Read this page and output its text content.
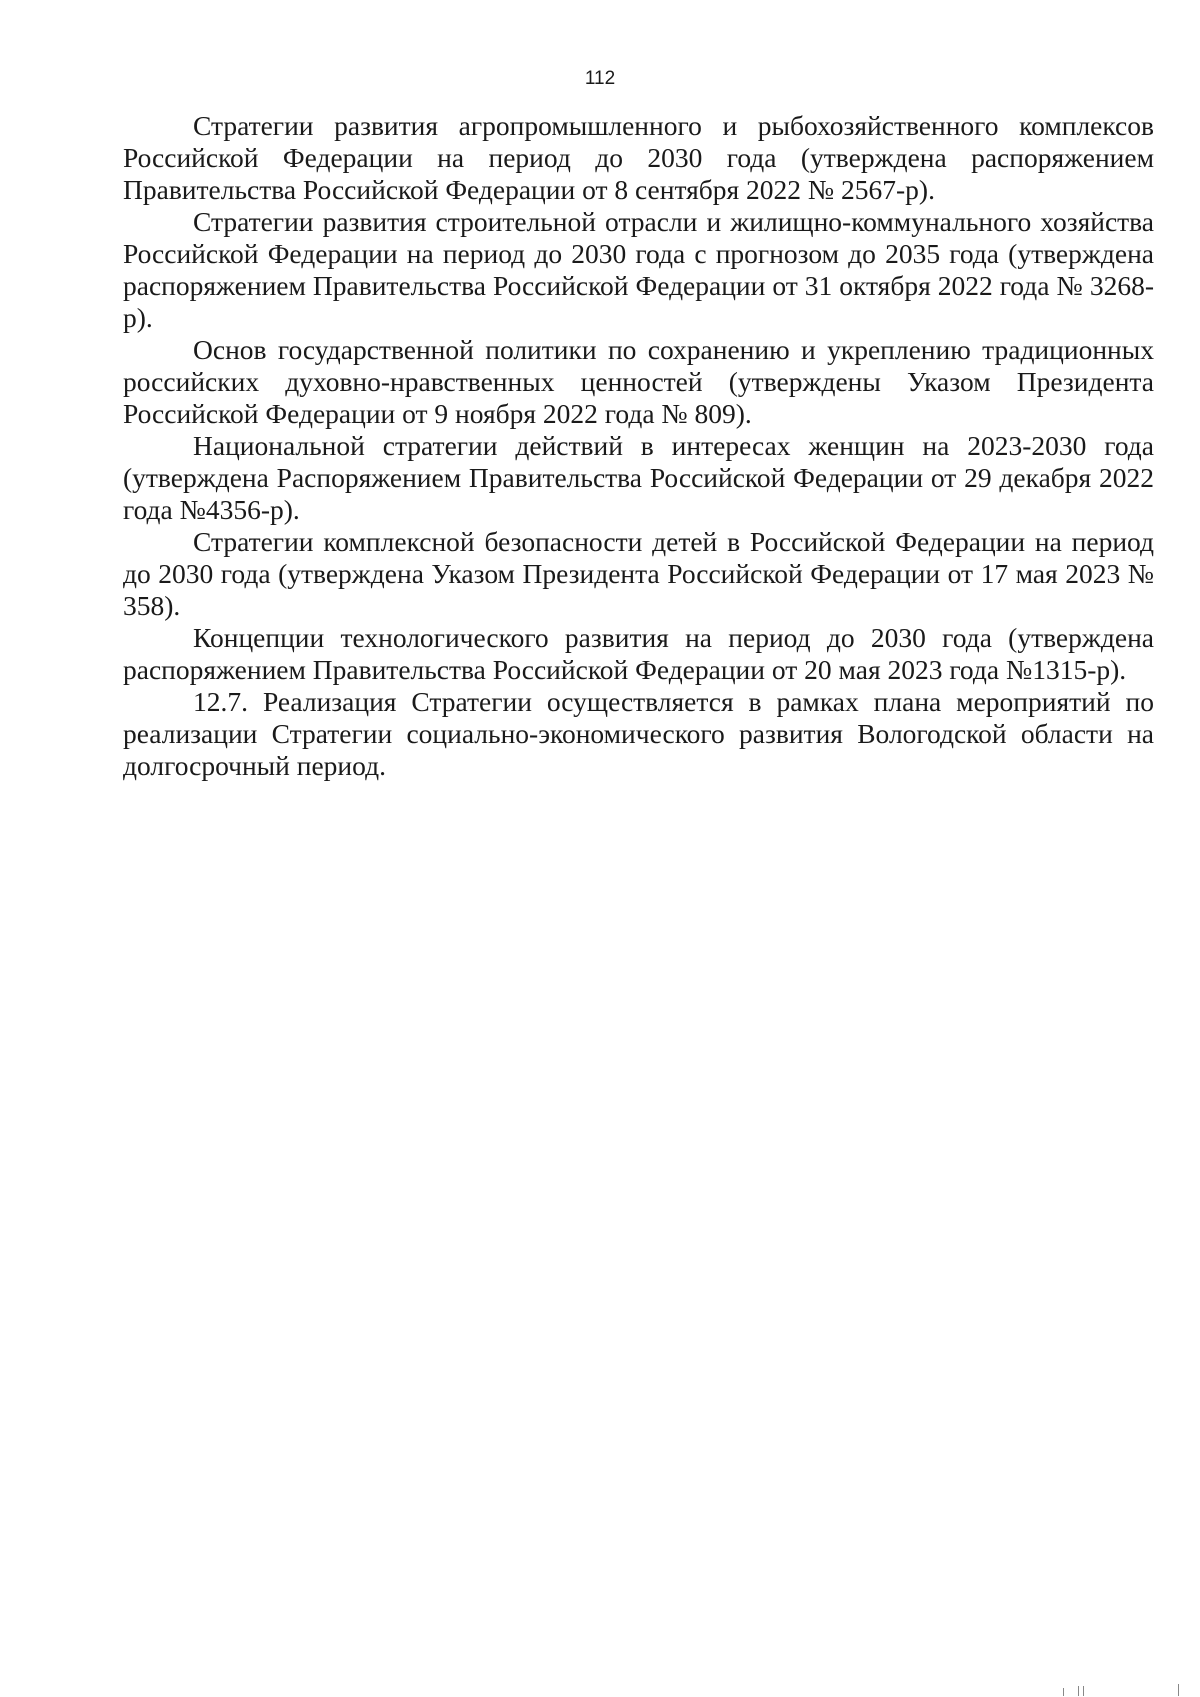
112

Стратегии развития агропромышленного и рыбохозяйственного комплексов Российской Федерации на период до 2030 года (утверждена распоряжением Правительства Российской Федерации от 8 сентября 2022 № 2567-р).

Стратегии развития строительной отрасли и жилищно-коммунального хозяйства Российской Федерации на период до 2030 года с прогнозом до 2035 года (утверждена распоряжением Правительства Российской Федерации от 31 октября 2022 года № 3268-р).

Основ государственной политики по сохранению и укреплению традиционных российских духовно-нравственных ценностей (утверждены Указом Президента Российской Федерации от 9 ноября 2022 года № 809).

Национальной стратегии действий в интересах женщин на 2023-2030 года (утверждена Распоряжением Правительства Российской Федерации от 29 декабря 2022 года №4356-р).

Стратегии комплексной безопасности детей в Российской Федерации на период до 2030 года (утверждена Указом Президента Российской Федерации от 17 мая 2023 № 358).

Концепции технологического развития на период до 2030 года (утверждена распоряжением Правительства Российской Федерации от 20 мая 2023 года №1315-р).

12.7. Реализация Стратегии осуществляется в рамках плана мероприятий по реализации Стратегии социально-экономического развития Вологодской области на долгосрочный период.
